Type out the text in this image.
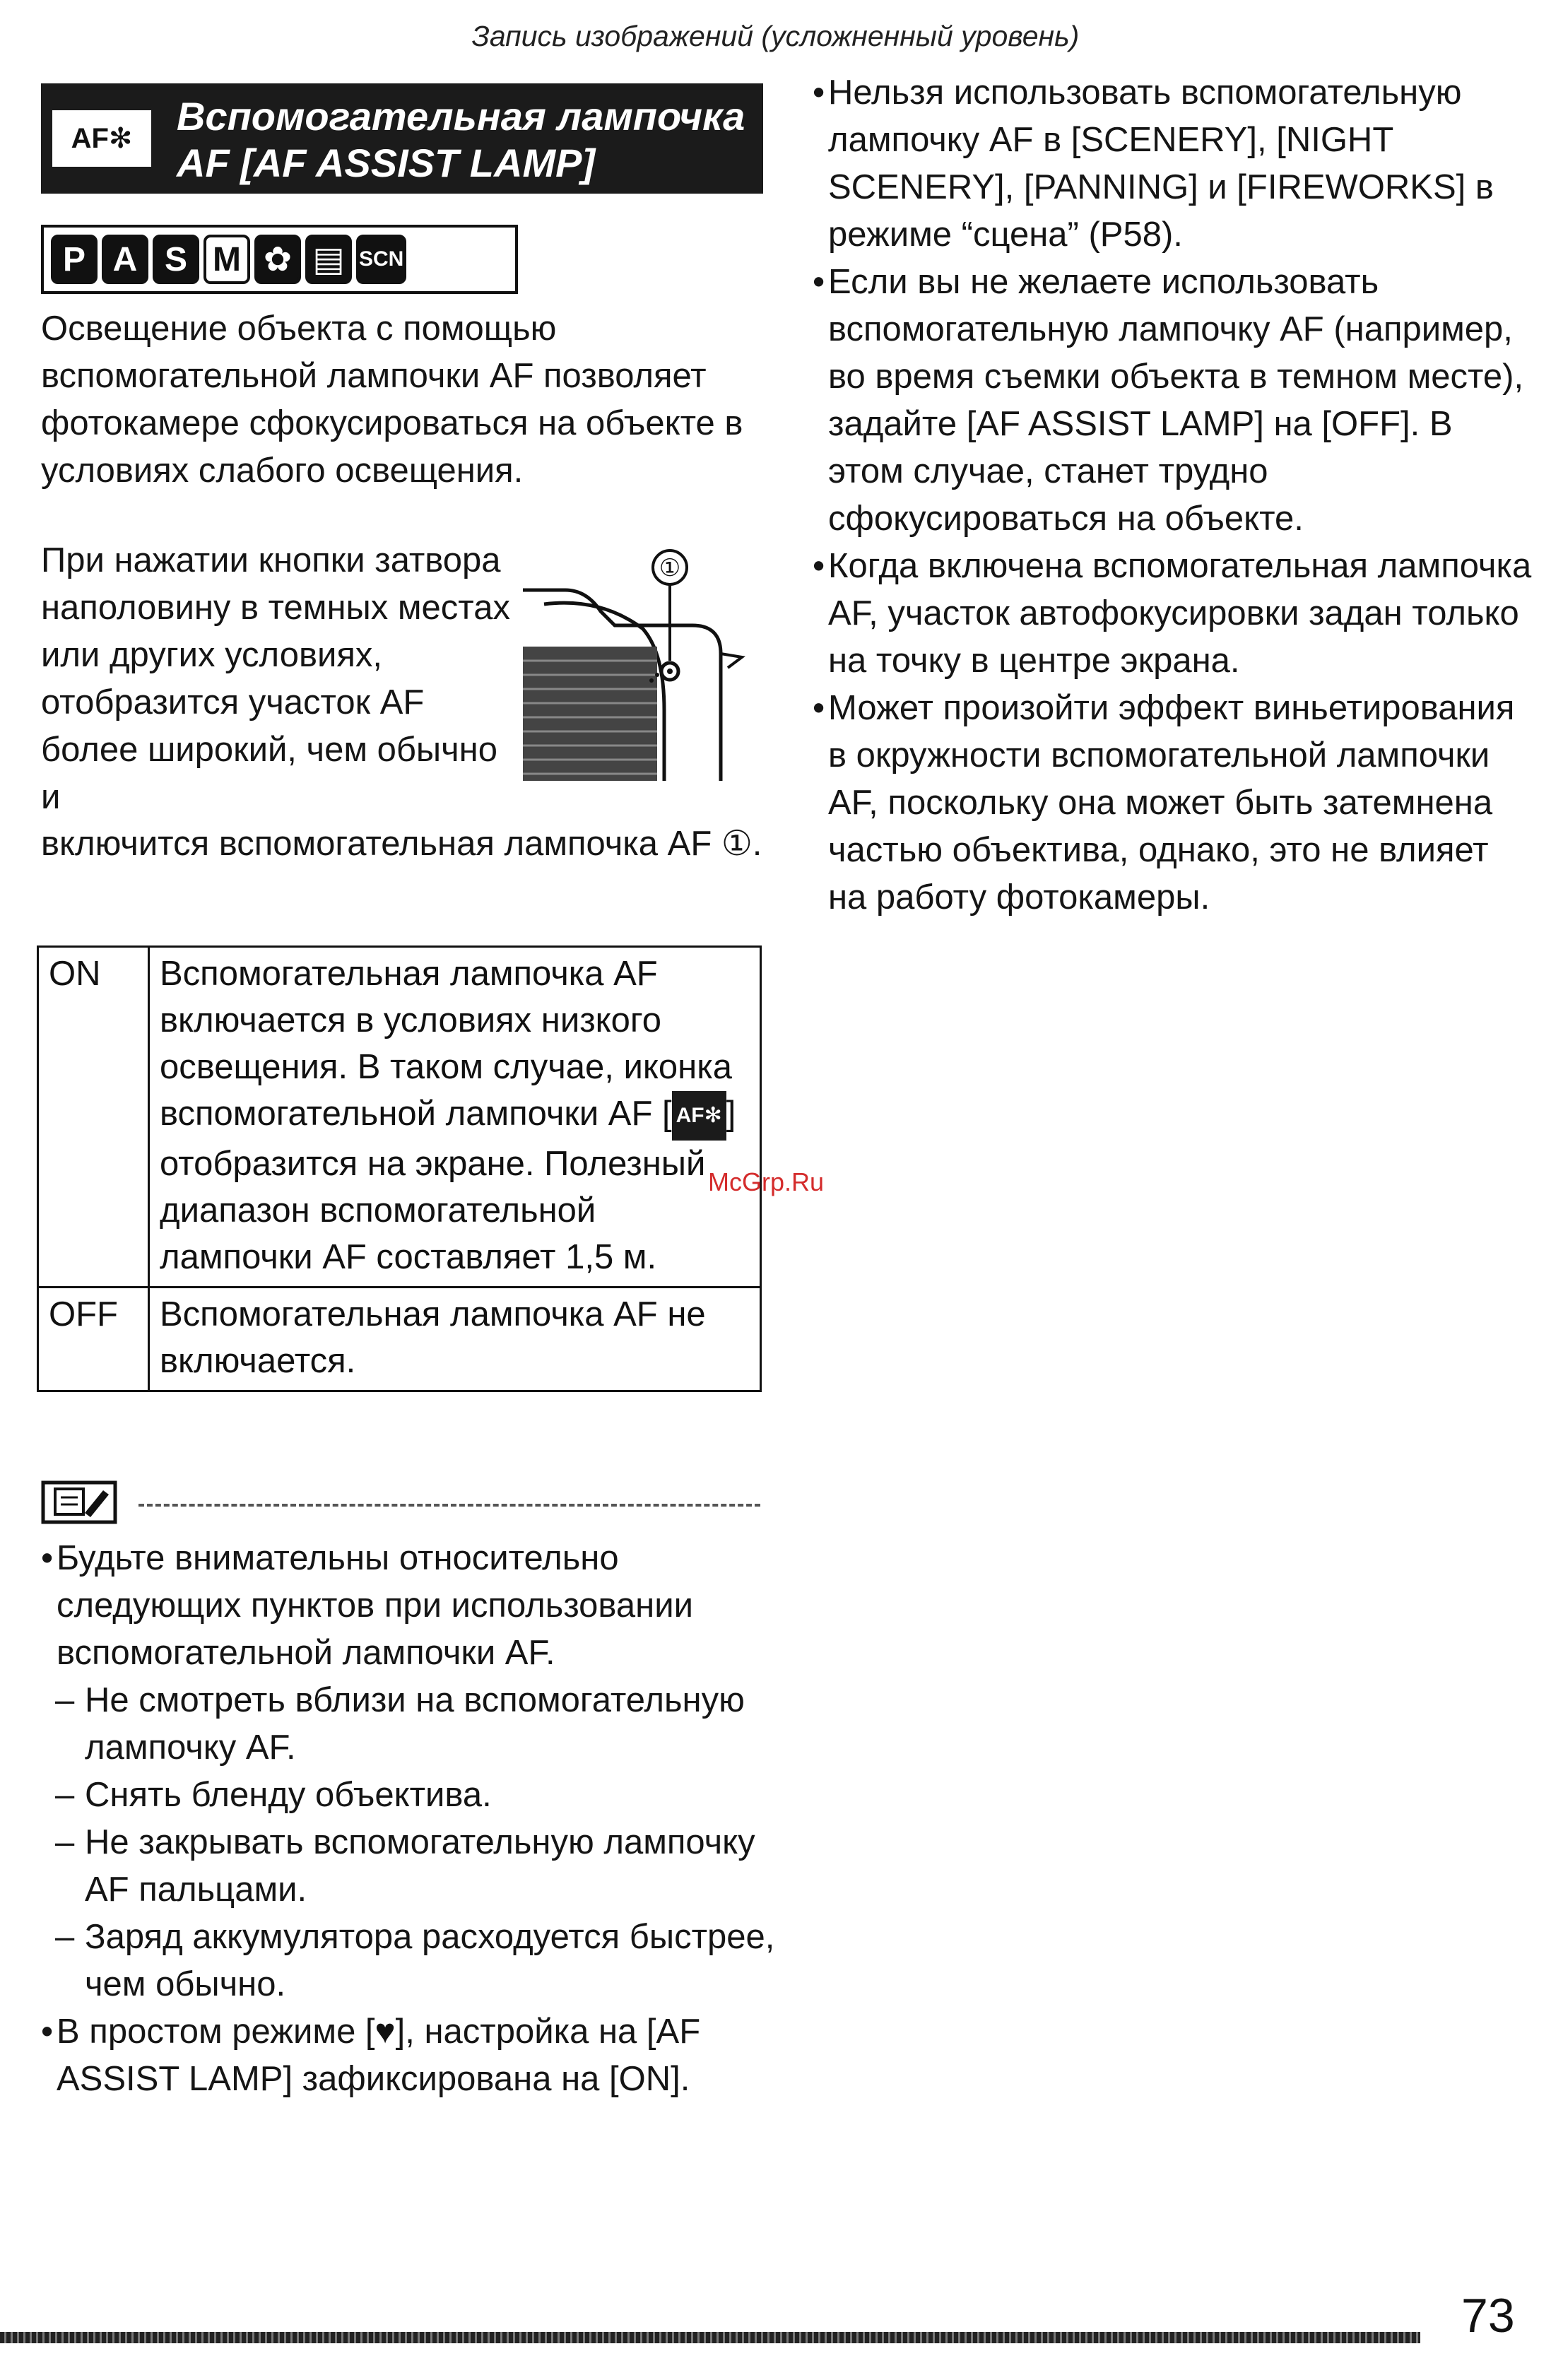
Запись изображений (усложненный уровень)
AF✻	Вспомогательная лампочка
AF [AF ASSIST LAMP]
P A S M ✿ ▤ SCN
Освещение объекта с помощью вспомогательной лампочки AF позволяет фотокамере сфокусироваться на объекте в условиях слабого освещения.
При нажатии кнопки затвора наполовину в темных местах или других условиях, отобразится участок AF более широкий, чем обычно и
включится вспомогательная лампочка AF ①.
①
ON	Вспомогательная лампочка AF включается в условиях низкого освещения. В таком случае, иконка вспомогательной лампочки AF [ AF✻ ] отобразится на экране. Полезный диапазон вспомогательной лампочки AF составляет 1,5 м.
OFF	Вспомогательная лампочка AF не включается.
McGrp.Ru
• Будьте внимательны относительно следующих пунктов при использовании вспомогательной лампочки AF.
– Не смотреть вблизи на вспомогательную лампочку AF.
– Снять бленду объектива.
– Не закрывать вспомогательную лампочку AF пальцами.
– Заряд аккумулятора расходуется быстрее, чем обычно.
• В простом режиме [♥], настройка на [AF ASSIST LAMP] зафиксирована на [ON].
• Нельзя использовать вспомогательную лампочку AF в [SCENERY], [NIGHT SCENERY], [PANNING] и [FIREWORKS] в режиме “сцена” (P58).
• Если вы не желаете использовать вспомогательную лампочку AF (например, во время съемки объекта в темном месте), задайте [AF ASSIST LAMP] на [OFF]. В этом случае, станет трудно сфокусироваться на объекте.
• Когда включена вспомогательная лампочка AF, участок автофокусировки задан только на точку в центре экрана.
• Может произойти эффект виньетирования в окружности вспомогательной лампочки AF, поскольку она может быть затемнена частью объектива, однако, это не влияет на работу фотокамеры.
73
